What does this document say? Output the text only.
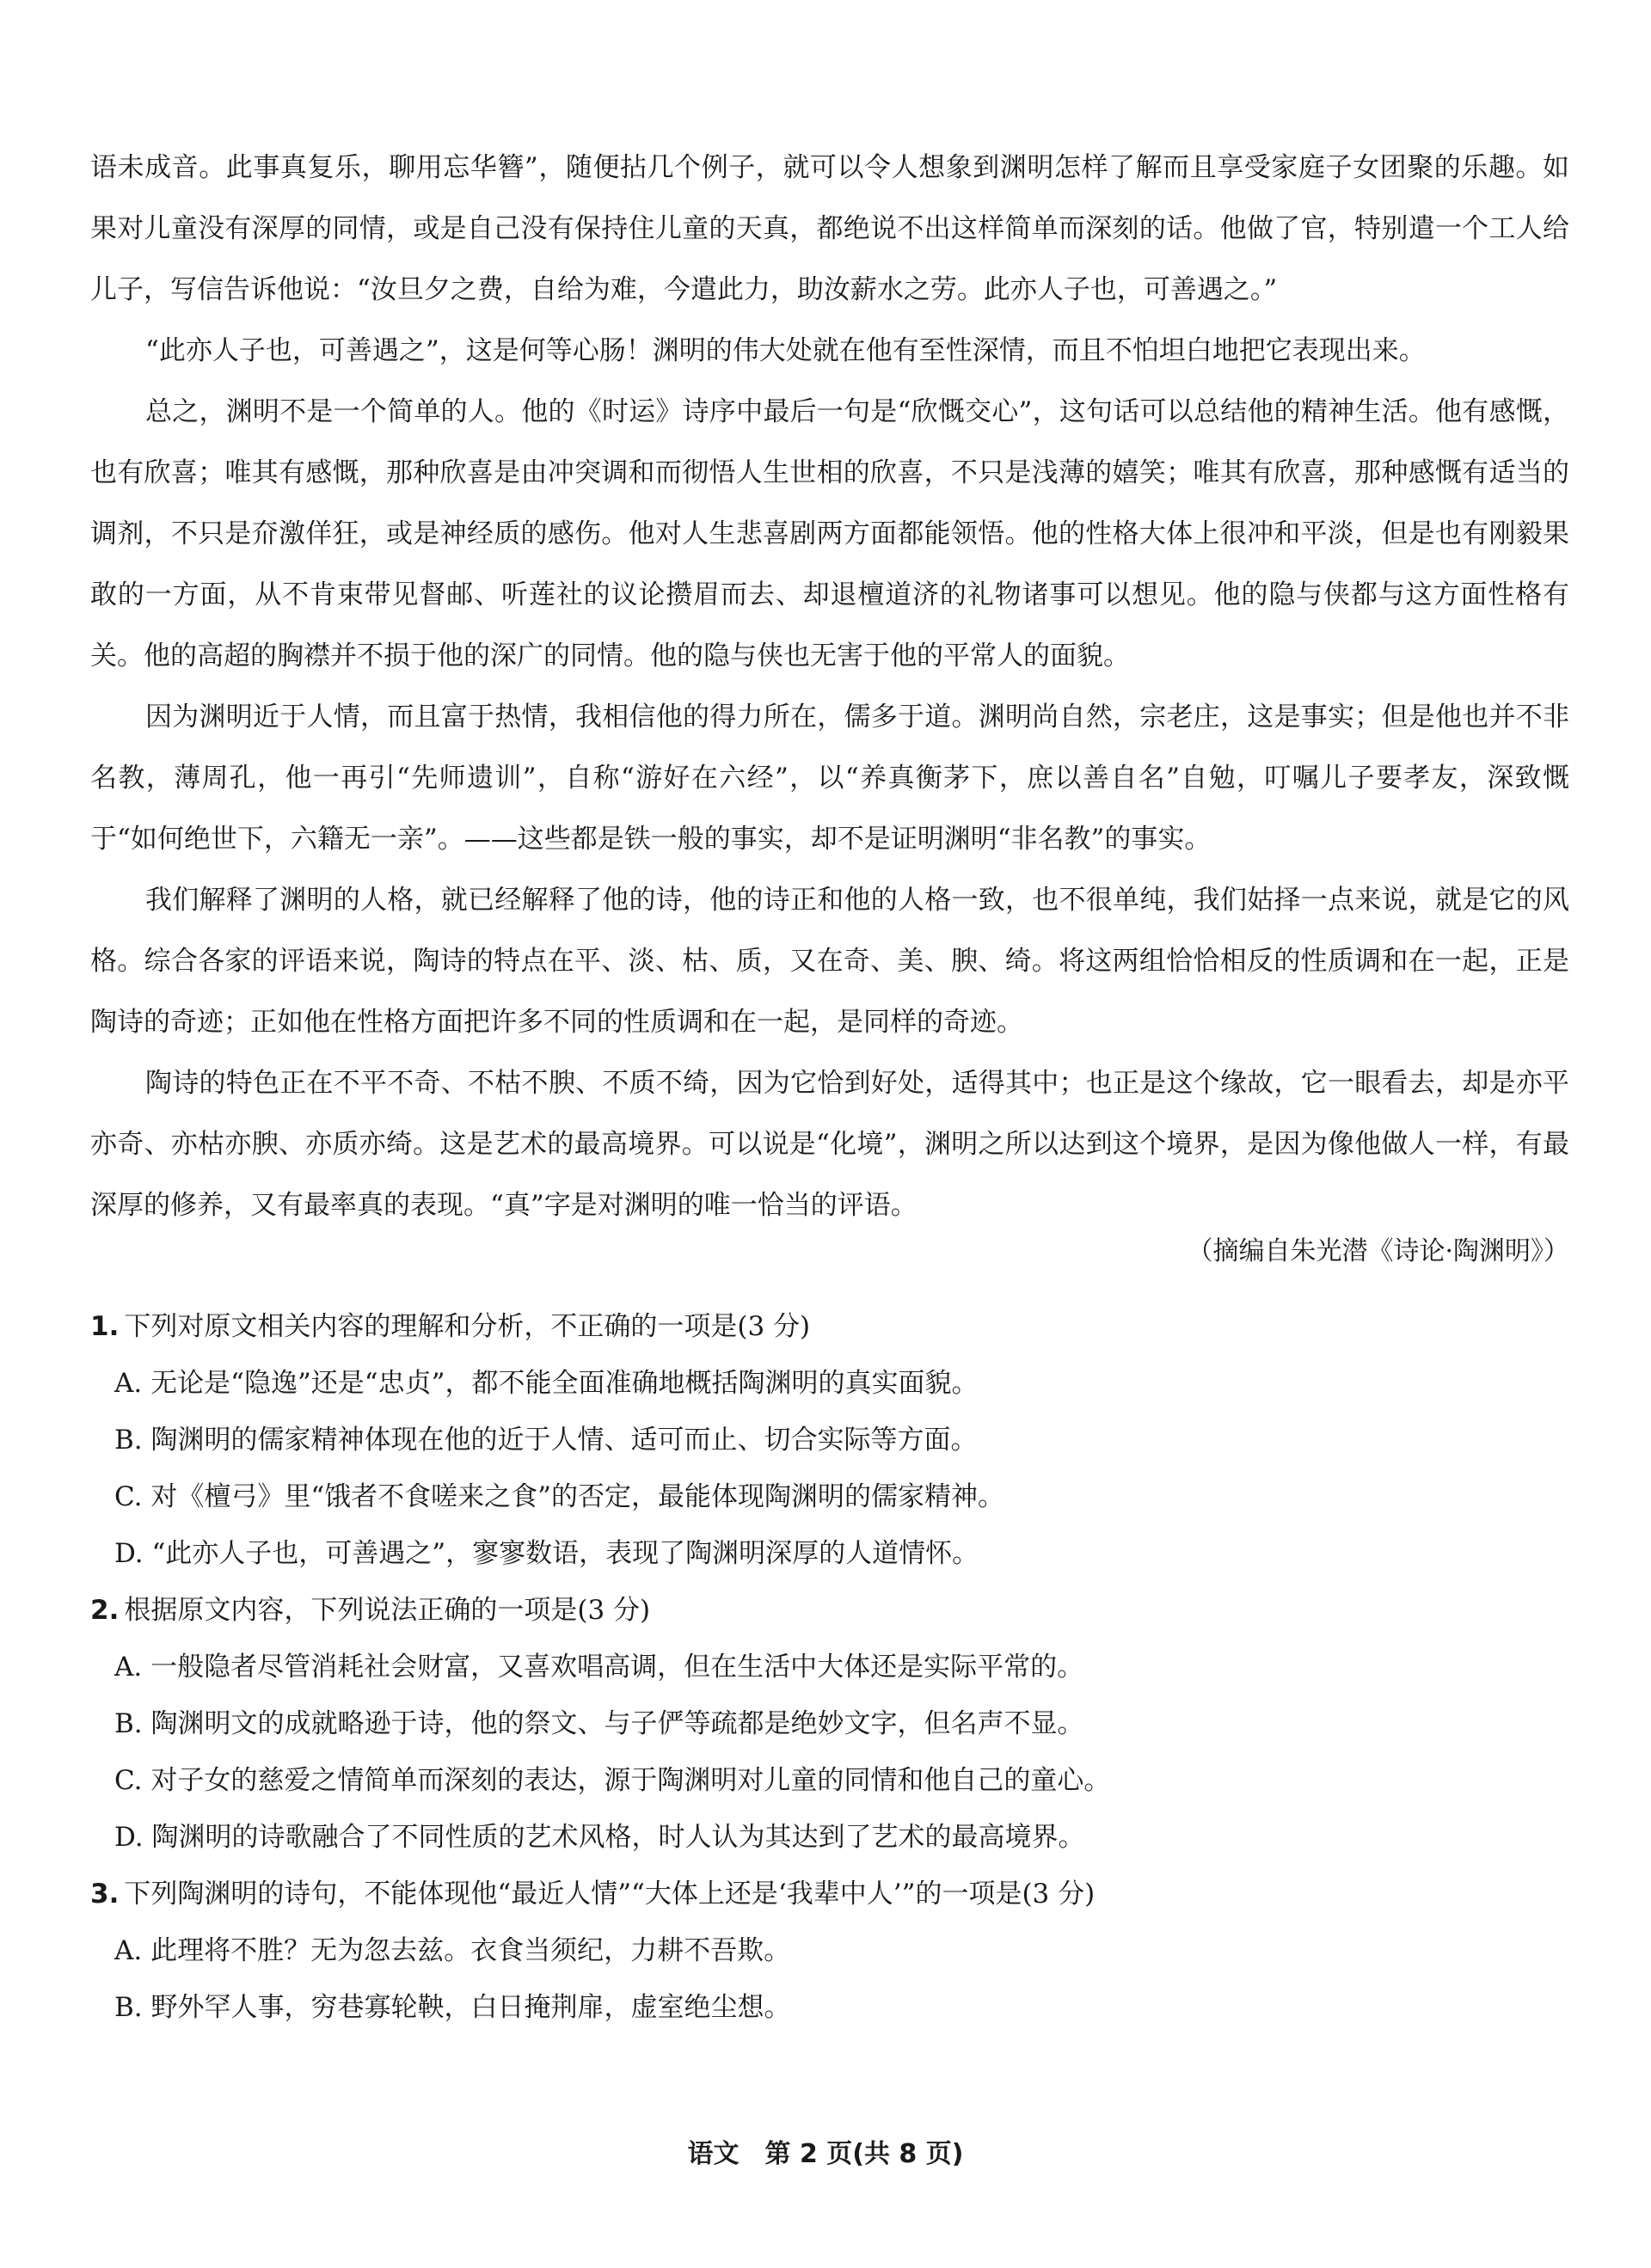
语未成音。此事真复乐，聊用忘华簪”，随便拈几个例子，就可以令人想象到渊明怎样了解而且享受家庭子女团聚的乐趣。如果对儿童没有深厚的同情，或是自己没有保持住儿童的天真，都绝说不出这样简单而深刻的话。他做了官，特别遣一个工人给儿子，写信告诉他说：“汝旦夕之费，自给为难，今遣此力，助汝薪水之劳。此亦人子也，可善遇之。”

“此亦人子也，可善遇之”，这是何等心肠！渊明的伟大处就在他有至性深情，而且不怕坦白地把它表现出来。

总之，渊明不是一个简单的人。他的《时运》诗序中最后一句是“欣慨交心”，这句话可以总结他的精神生活。他有感慨，也有欣喜；唯其有感慨，那种欣喜是由冲突调和而彻悟人生世相的欣喜，不只是浅薄的嬉笑；唯其有欣喜，那种感慨有适当的调剂，不只是夼激佯狂，或是神经质的感伤。他对人生悲喜剧两方面都能领悟。他的性格大体上很冲和平淡，但是也有刚毅果敢的一方面，从不肯束带见督邮、听莲社的议论攒眉而去、却退檀道济的礼物诸事可以想见。他的隐与侠都与这方面性格有关。他的高超的胸襟并不损于他的深广的同情。他的隐与侠也无害于他的平常人的面貌。

因为渊明近于人情，而且富于热情，我相信他的得力所在，儒多于道。渊明尚自然，宗老庄，这是事实；但是他也并不非名教，薄周孔，他一再引“先师遗训”，自称“游好在六经”，以“养真衡茅下，庶以善自名”自勉，叮嘱儿子要孝友，深致慨于“如何绝世下，六籍无一亲”。——这些都是铁一般的事实，却不是证明渊明“非名教”的事实。

我们解释了渊明的人格，就已经解释了他的诗，他的诗正和他的人格一致，也不很单纯，我们姑择一点来说，就是它的风格。综合各家的评语来说，陶诗的特点在平、淡、枯、质，又在奇、美、腴、绮。将这两组恰恰相反的性质调和在一起，正是陶诗的奇迹；正如他在性格方面把许多不同的性质调和在一起，是同样的奇迹。

陶诗的特色正在不平不奇、不枯不腴、不质不绮，因为它恰到好处，适得其中；也正是这个缘故，它一眼看去，却是亦平亦奇、亦枯亦腴、亦质亦绮。这是艺术的最高境界。可以说是“化境”，渊明之所以达到这个境界，是因为像他做人一样，有最深厚的修养，又有最率真的表现。“真”字是对渊明的唯一恰当的评语。

（摘编自朱光潜《诗论·陶渊明》）

1. 下列对原文相关内容的理解和分析，不正确的一项是(3 分)

A. 无论是“隐逸”还是“忠贞”，都不能全面准确地概括陶渊明的真实面貌。
B. 陶渊明的儒家精神体现在他的近于人情、适可而止、切合实际等方面。
C. 对《檀弓》里“饿者不食嗟来之食”的否定，最能体现陶渊明的儒家精神。
D. “此亦人子也，可善遇之”，寥寥数语，表现了陶渊明深厚的人道情怀。

2. 根据原文内容，下列说法正确的一项是(3 分)

A. 一般隐者尽管消耗社会财富，又喜欢唱高调，但在生活中大体还是实际平常的。
B. 陶渊明文的成就略逊于诗，他的祭文、与子俨等疏都是绝妙文字，但名声不显。
C. 对子女的慈爱之情简单而深刻的表达，源于陶渊明对儿童的同情和他自己的童心。
D. 陶渊明的诗歌融合了不同性质的艺术风格，时人认为其达到了艺术的最高境界。

3. 下列陶渊明的诗句，不能体现他“最近人情”“大体上还是‘我辈中人’”的一项是(3 分)

A. 此理将不胜？无为忽去兹。衣食当须纪，力耕不吾欺。
B. 野外罕人事，穷巷寡轮鞅，白日掩荆扉，虚室绝尘想。
语文　第 2 页(共 8 页)
